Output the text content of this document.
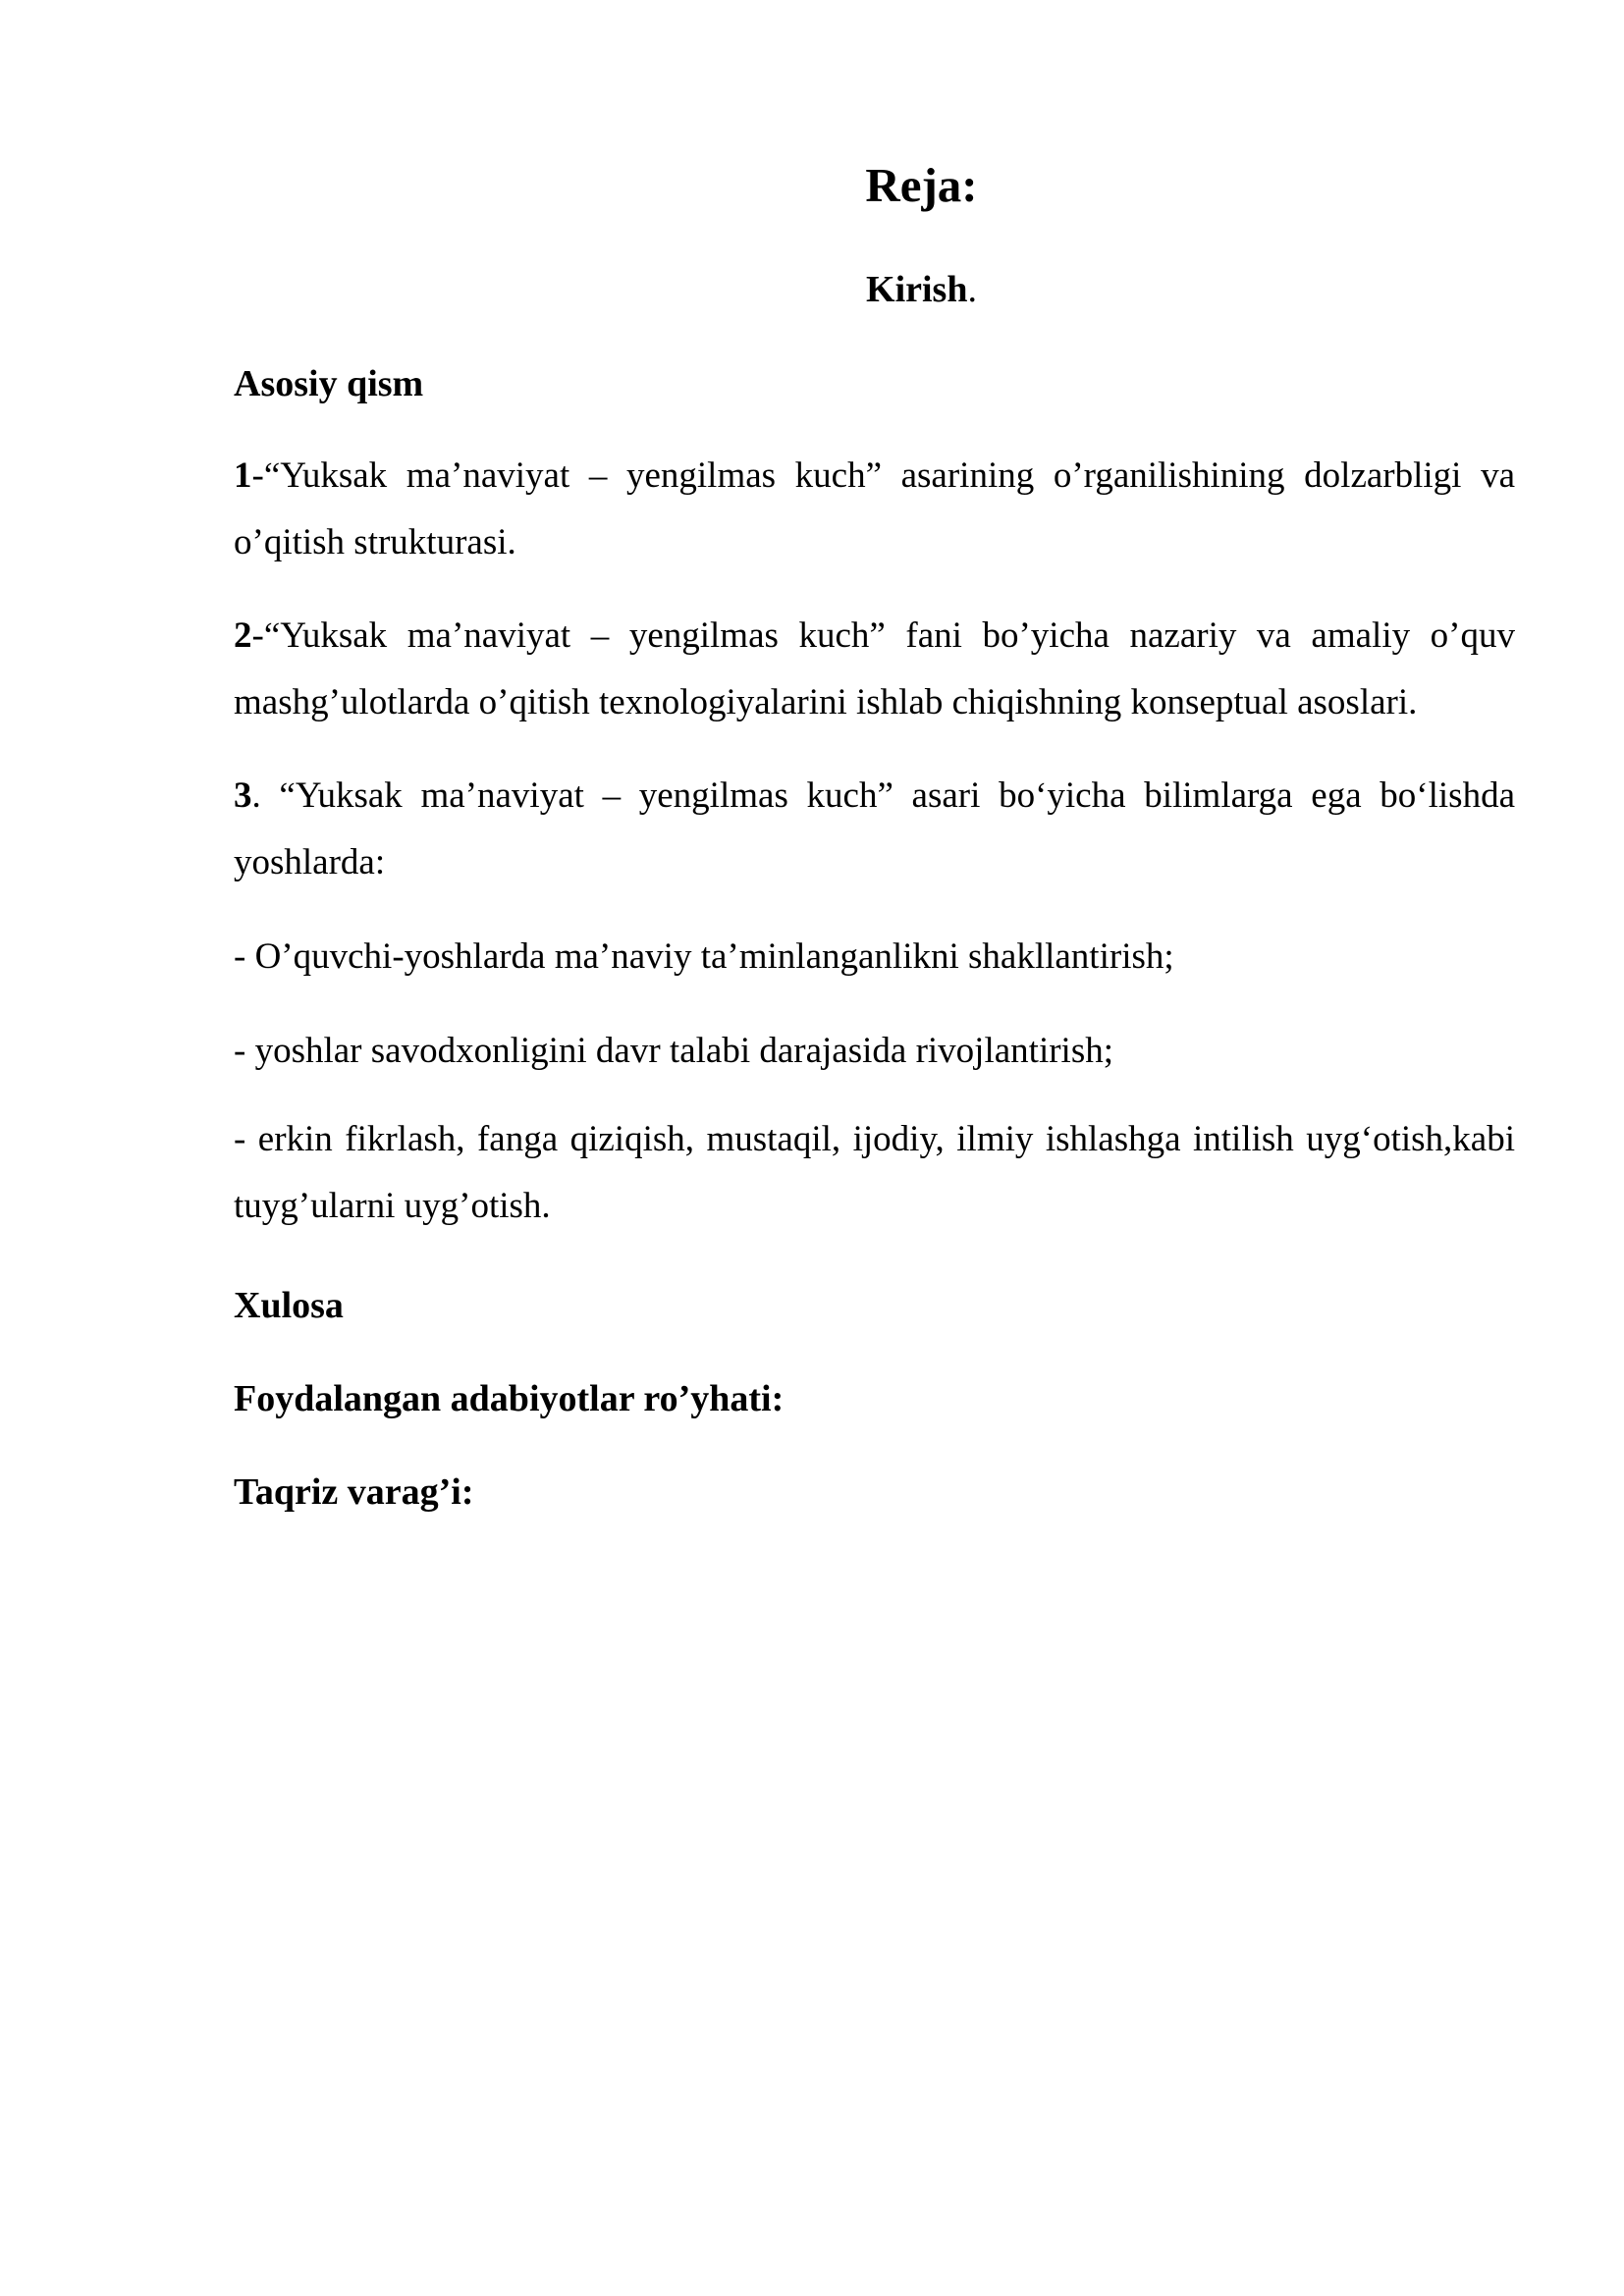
Reja:

Kirish.

Asosiy qism

1-“Yuksak ma’naviyat – yengilmas kuch” asarining o’rganilishining dolzarbligi va o’qitish strukturasi.

2-“Yuksak ma’naviyat – yengilmas kuch” fani bo’yicha nazariy va amaliy o’quv mashg’ulotlarda o’qitish texnologiyalarini ishlab chiqishning konseptual asoslari.

3. “Yuksak ma’naviyat – yengilmas kuch” asari bo‘yicha bilimlarga ega bo‘lishda yoshlarda:

- O’quvchi-yoshlarda ma’naviy ta’minlanganlikni shakllantirish;

- yoshlar savodxonligini davr talabi darajasida rivojlantirish;

- erkin fikrlash, fanga qiziqish, mustaqil, ijodiy, ilmiy ishlashga intilish uyg‘otish,kabi tuyg’ularni uyg’otish.

Xulosa

Foydalangan adabiyotlar ro’yhati:

Taqriz varag’i:
